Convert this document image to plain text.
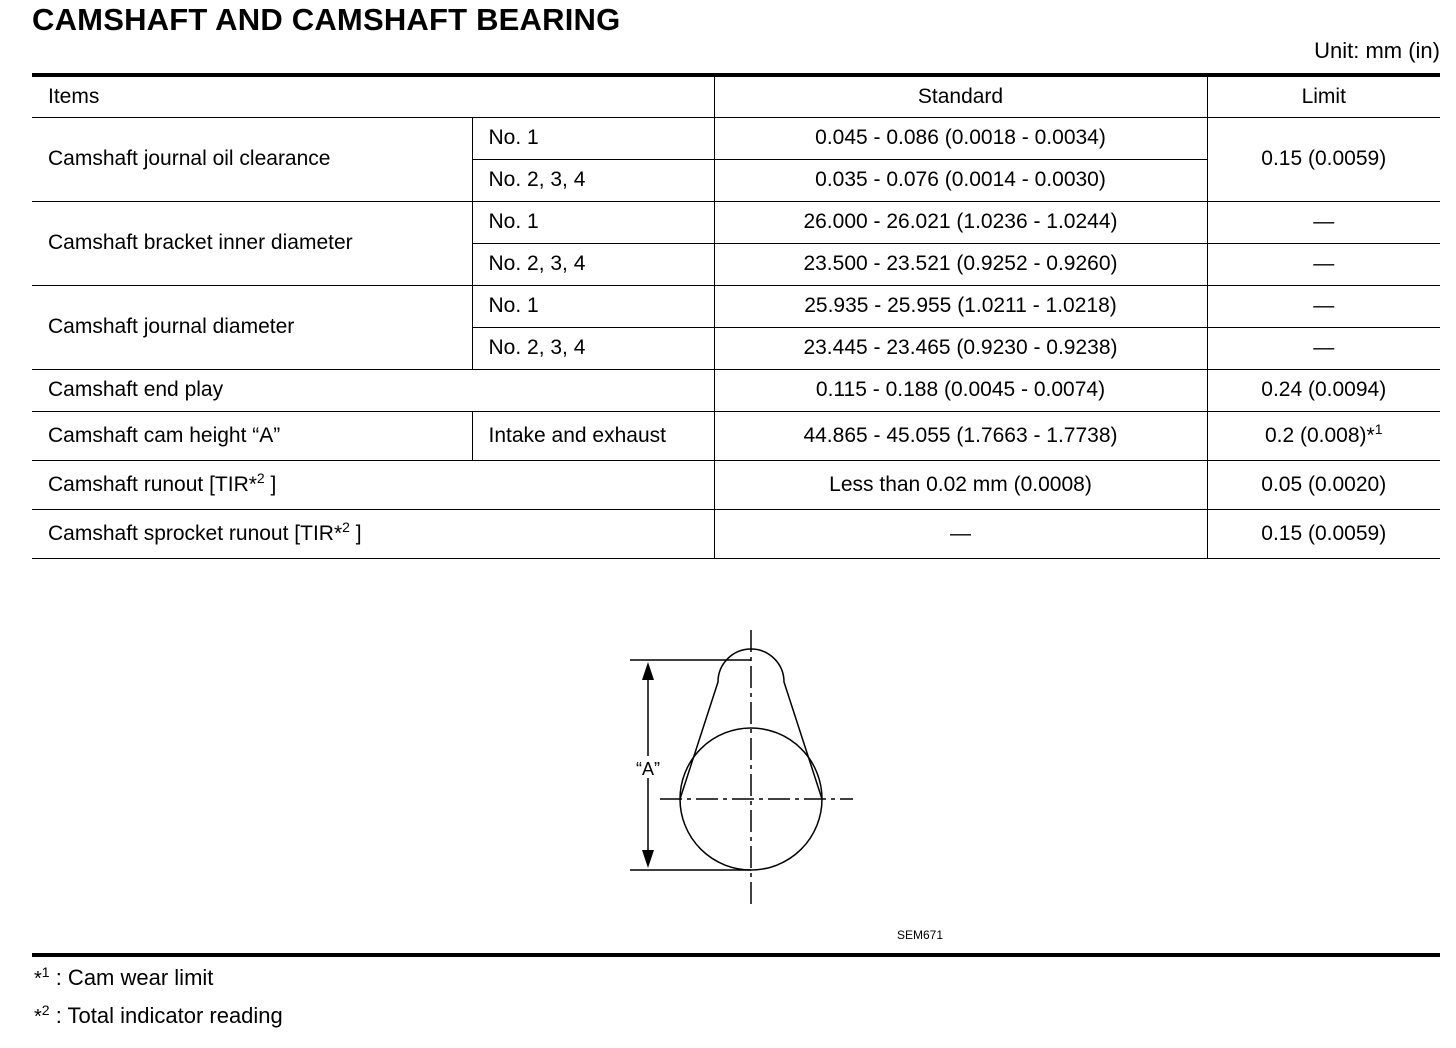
CAMSHAFT AND CAMSHAFT BEARING
Unit: mm (in)
Items		Standard	Limit
Camshaft journal oil clearance	No. 1	0.045 - 0.086 (0.0018 - 0.0034)	0.15 (0.0059)
	No. 2, 3, 4	0.035 - 0.076 (0.0014 - 0.0030)	
Camshaft bracket inner diameter	No. 1	26.000 - 26.021 (1.0236 - 1.0244)	—
	No. 2, 3, 4	23.500 - 23.521 (0.9252 - 0.9260)	—
Camshaft journal diameter	No. 1	25.935 - 25.955 (1.0211 - 1.0218)	—
	No. 2, 3, 4	23.445 - 23.465 (0.9230 - 0.9238)	—
Camshaft end play		0.115 - 0.188 (0.0045 - 0.0074)	0.24 (0.0094)
Camshaft cam height “A”	Intake and exhaust	44.865 - 45.055 (1.7663 - 1.7738)	0.2 (0.008)*$^1$
Camshaft runout [TIR*$^2$ ]		Less than 0.02 mm (0.0008)	0.05 (0.0020)
Camshaft sprocket runout [TIR*$^2$ ]		—	0.15 (0.0059)
“A”
SEM671
*$^1$ : Cam wear limit
*$^2$ : Total indicator reading
